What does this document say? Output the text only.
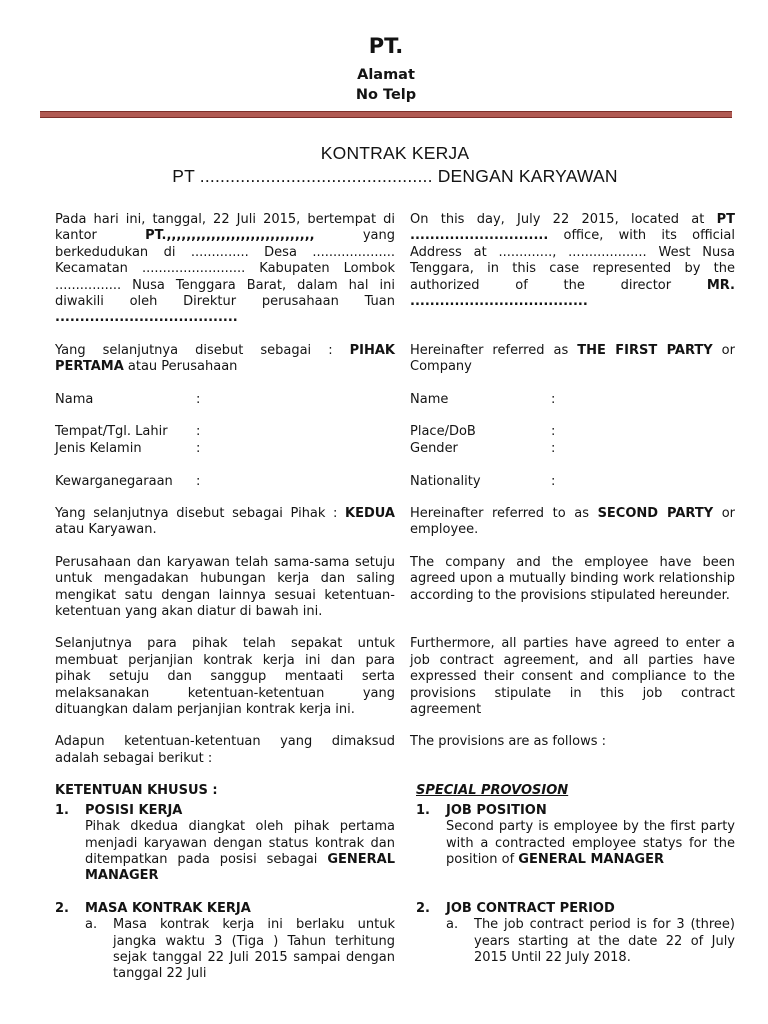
PT.
Alamat
No Telp
KONTRAK KERJA
PT .............................................. DENGAN KARYAWAN

Pada hari ini, tanggal, 22 Juli 2015, bertempat di kantor PT.,,,,,,,,,,,,,,,,,,,,,,,,,,,,,, yang berkedudukan di .............. Desa .................... Kecamatan ......................... Kabupaten Lombok ................ Nusa Tenggara Barat, dalam hal ini diwakili oleh Direktur perusahaan Tuan .....................................

On this day, July 22 2015, located at PT ............................ office, with its official Address at ............., ................... West Nusa Tenggara, in this case represented by the authorized of the director MR. ....................................

Yang selanjutnya disebut sebagai : PIHAK PERTAMA atau Perusahaan

Hereinafter referred as THE FIRST PARTY or Company

Nama	:
Tempat/Tgl. Lahir :
Jenis Kelamin	:
Kewarganegaraan :
Name	:
Place/DoB	:
Gender	:
Nationality	:

Yang selanjutnya disebut sebagai Pihak : KEDUA atau Karyawan.

Hereinafter referred to as SECOND PARTY or employee.

Perusahaan dan karyawan telah sama-sama setuju untuk mengadakan hubungan kerja dan saling mengikat satu dengan lainnya sesuai ketentuan-ketentuan yang akan diatur di bawah ini.

The company and the employee have been agreed upon a mutually binding work relationship according to the provisions stipulated hereunder.

Selanjutnya para pihak telah sepakat untuk membuat perjanjian kontrak kerja ini dan para pihak setuju dan sanggup mentaati serta melaksanakan ketentuan-ketentuan yang dituangkan dalam perjanjian kontrak kerja ini.

Furthermore, all parties have agreed to enter a job contract agreement, and all parties have expressed their consent and compliance to the provisions stipulate in this job contract agreement

Adapun ketentuan-ketentuan yang dimaksud adalah sebagai berikut :

The provisions are as follows :

KETENTUAN KHUSUS :	SPECIAL PROVOSION
1.	POSISI KERJA
Pihak dkedua diangkat oleh pihak pertama menjadi karyawan dengan status kontrak dan ditempatkan pada posisi sebagai GENERAL MANAGER
1.	JOB POSITION
Second party is employee by the first party with a contracted employee statys for the position of GENERAL MANAGER
2.	MASA KONTRAK KERJA
a.	Masa kontrak kerja ini berlaku untuk jangka waktu 3 (Tiga ) Tahun terhitung sejak tanggal 22 Juli 2015 sampai dengan tanggal 22 Juli
2.	JOB CONTRACT PERIOD
a.	The job contract period is for 3 (three) years starting at the date 22 of July 2015 Until 22 July 2018.
